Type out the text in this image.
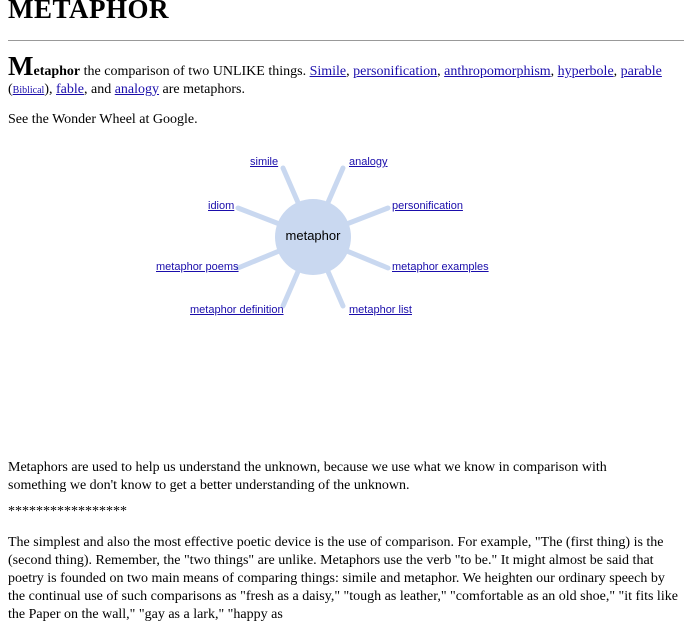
METAPHOR

Metaphor the comparison of two UNLIKE things. Simile, personification, anthropomorphism, hyperbole, parable (Biblical), fable, and analogy are metaphors.

See the Wonder Wheel at Google.

metaphor
simile	analogy
idiom	personification
metaphor poems	metaphor examples
metaphor definition	metaphor list

Metaphors are used to help us understand the unknown, because we use what we know in comparison with something we don't know to get a better understanding of the unknown.

*****************

The simplest and also the most effective poetic device is the use of comparison. For example, "The (first thing) is the (second thing). Remember, the "two things" are unlike. Metaphors use the verb "to be." It might almost be said that poetry is founded on two main means of comparing things: simile and metaphor. We heighten our ordinary speech by the continual use of such comparisons as "fresh as a daisy," "tough as leather," "comfortable as an old shoe," "it fits like the Paper on the wall," "gay as a lark," "happy as
